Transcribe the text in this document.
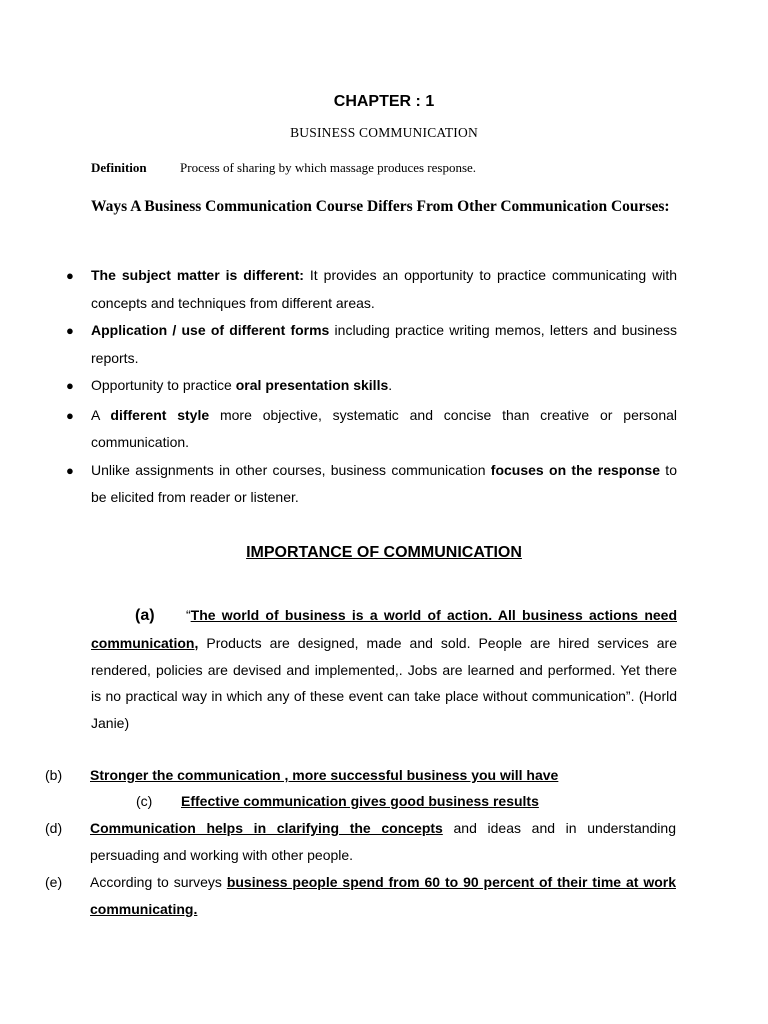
CHAPTER : 1
BUSINESS COMMUNICATION
Definition	Process of sharing by which massage produces response.
Ways A Business Communication Course Differs From Other Communication Courses:
● The subject matter is different: It provides an opportunity to practice communicating with concepts and techniques from different areas.
● Application / use of different forms including practice writing memos, letters and business reports.
● Opportunity to practice oral presentation skills.
● A different style more objective, systematic and concise than creative or personal communication.
● Unlike assignments in other courses, business communication focuses on the response to be elicited from reader or listener.
IMPORTANCE OF COMMUNICATION
(a) “The world of business is a world of action. All business actions need communication, Products are designed, made and sold. People are hired services are rendered, policies are devised and implemented,. Jobs are learned and performed. Yet there is no practical way in which any of these event can take place without communication”. (Horld Janie)
(b)	Stronger the communication , more successful business you will have
(c)	Effective communication gives good business results
(d)	Communication helps in clarifying the concepts and ideas and in understanding persuading and working with other people.
(e)	According to surveys business people spend from 60 to 90 percent of their time at work communicating.
